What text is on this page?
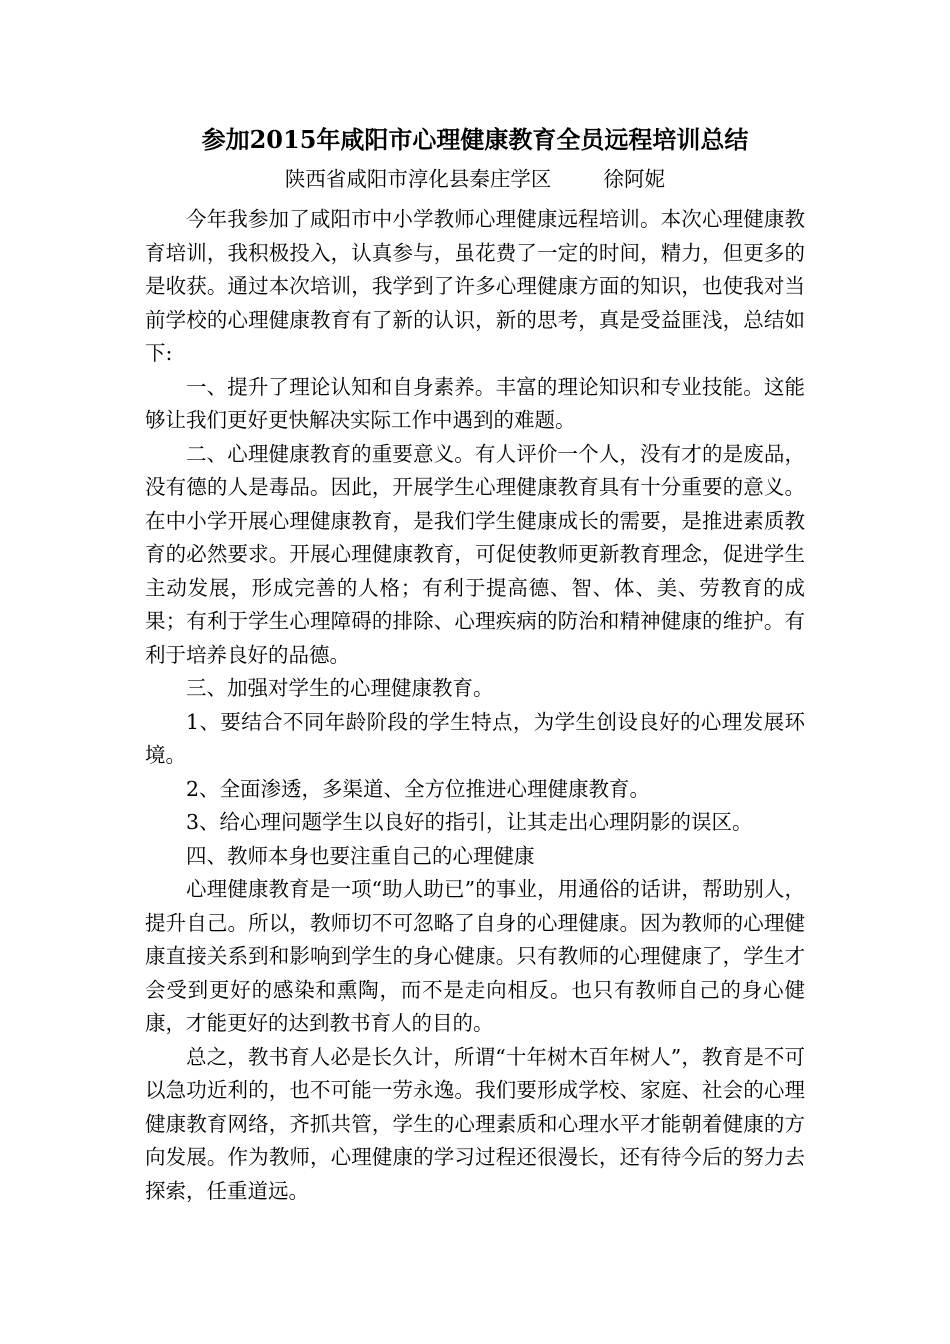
参加2015年咸阳市心理健康教育全员远程培训总结
陕西省咸阳市淳化县秦庄学区        徐阿妮

今年我参加了咸阳市中小学教师心理健康远程培训。本次心理健康教育培训，我积极投入，认真参与，虽花费了一定的时间，精力，但更多的是收获。通过本次培训，我学到了许多心理健康方面的知识，也使我对当前学校的心理健康教育有了新的认识，新的思考，真是受益匪浅，总结如下:

一、提升了理论认知和自身素养。丰富的理论知识和专业技能。这能够让我们更好更快解决实际工作中遇到的难题。

二、心理健康教育的重要意义。有人评价一个人，没有才的是废品，没有德的人是毒品。因此，开展学生心理健康教育具有十分重要的意义。在中小学开展心理健康教育，是我们学生健康成长的需要，是推进素质教育的必然要求。开展心理健康教育，可促使教师更新教育理念，促进学生主动发展，形成完善的人格；有利于提高德、智、体、美、劳教育的成果；有利于学生心理障碍的排除、心理疾病的防治和精神健康的维护。有利于培养良好的品德。

三、加强对学生的心理健康教育。

1、要结合不同年龄阶段的学生特点，为学生创设良好的心理发展环境。

2、全面渗透，多渠道、全方位推进心理健康教育。

3、给心理问题学生以良好的指引，让其走出心理阴影的误区。

四、教师本身也要注重自己的心理健康

心理健康教育是一项“助人助已”的事业，用通俗的话讲，帮助别人，提升自己。所以，教师切不可忽略了自身的心理健康。因为教师的心理健康直接关系到和影响到学生的身心健康。只有教师的心理健康了，学生才会受到更好的感染和熏陶，而不是走向相反。也只有教师自己的身心健康，才能更好的达到教书育人的目的。

总之，教书育人必是长久计，所谓“十年树木百年树人”，教育是不可以急功近利的，也不可能一劳永逸。我们要形成学校、家庭、社会的心理健康教育网络，齐抓共管，学生的心理素质和心理水平才能朝着健康的方向发展。作为教师，心理健康的学习过程还很漫长，还有待今后的努力去探索，任重道远。
